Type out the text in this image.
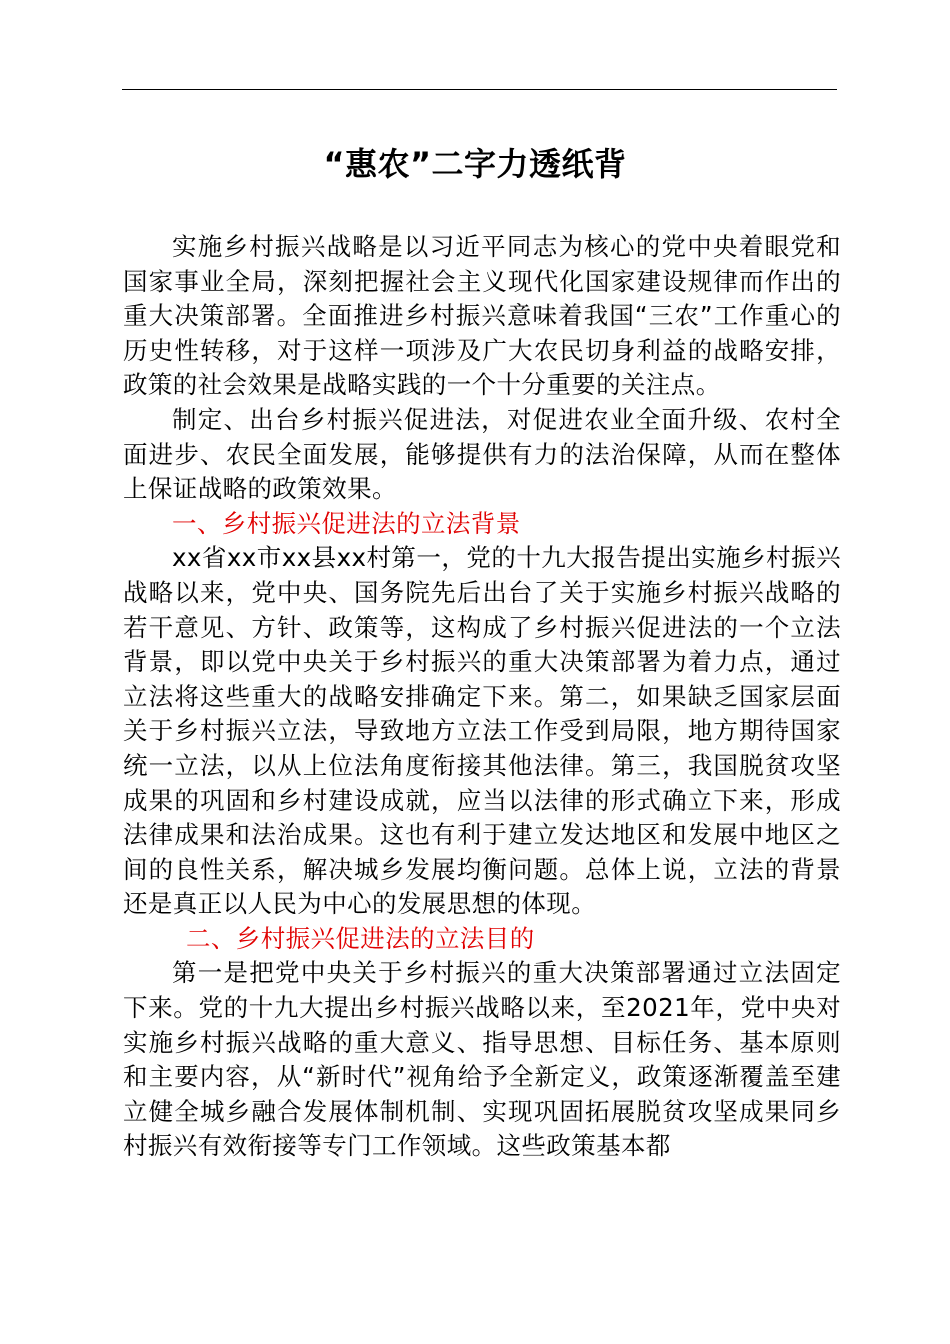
“惠农”二字力透纸背

实施乡村振兴战略是以习近平同志为核心的党中央着眼党和国家事业全局，深刻把握社会主义现代化国家建设规律而作出的重大决策部署。全面推进乡村振兴意味着我国“三农”工作重心的历史性转移，对于这样一项涉及广大农民切身利益的战略安排，政策的社会效果是战略实践的一个十分重要的关注点。

制定、出台乡村振兴促进法，对促进农业全面升级、农村全面进步、农民全面发展，能够提供有力的法治保障，从而在整体上保证战略的政策效果。

一、乡村振兴促进法的立法背景

xx省xx市xx县xx村第一，党的十九大报告提出实施乡村振兴战略以来，党中央、国务院先后出台了关于实施乡村振兴战略的若干意见、方针、政策等，这构成了乡村振兴促进法的一个立法背景，即以党中央关于乡村振兴的重大决策部署为着力点，通过立法将这些重大的战略安排确定下来。第二，如果缺乏国家层面关于乡村振兴立法，导致地方立法工作受到局限，地方期待国家统一立法，以从上位法角度衔接其他法律。第三，我国脱贫攻坚成果的巩固和乡村建设成就，应当以法律的形式确立下来，形成法律成果和法治成果。这也有利于建立发达地区和发展中地区之间的良性关系，解决城乡发展均衡问题。总体上说，立法的背景还是真正以人民为中心的发展思想的体现。

二、乡村振兴促进法的立法目的

第一是把党中央关于乡村振兴的重大决策部署通过立法固定下来。党的十九大提出乡村振兴战略以来，至2021年，党中央对实施乡村振兴战略的重大意义、指导思想、目标任务、基本原则和主要内容，从“新时代”视角给予全新定义，政策逐渐覆盖至建立健全城乡融合发展体制机制、实现巩固拓展脱贫攻坚成果同乡村振兴有效衔接等专门工作领域。这些政策基本都
